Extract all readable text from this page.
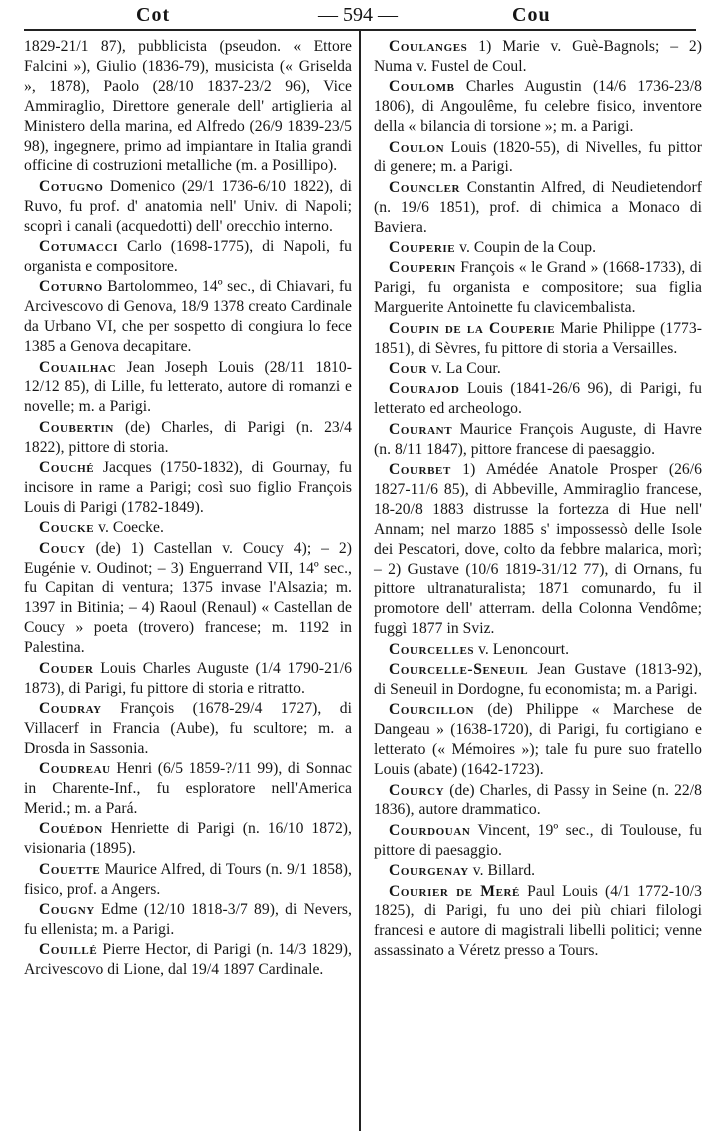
Cot	— 594 —	Cou

1829-21/1 87), pubblicista (pseudon. « Ettore Falcini »), Giulio (1836-79), musicista (« Griselda », 1878), Paolo (28/10 1837-23/2 96), Vice Ammiraglio, Direttore generale dell' artiglieria al Ministero della marina, ed Alfredo (26/9 1839-23/5 98), ingegnere, primo ad impiantare in Italia grandi officine di costruzioni metalliche (m. a Posillipo).

Cotugno Domenico (29/1 1736-6/10 1822), di Ruvo, fu prof. d' anatomia nell' Univ. di Napoli; scoprì i canali (acquedotti) dell' orecchio interno.

Cotumacci Carlo (1698-1775), di Napoli, fu organista e compositore.

Coturno Bartolommeo, 14º sec., di Chiavari, fu Arcivescovo di Genova, 18/9 1378 creato Cardinale da Urbano VI, che per sospetto di congiura lo fece 1385 a Genova decapitare.

Couailhac Jean Joseph Louis (28/11 1810-12/12 85), di Lille, fu letterato, autore di romanzi e novelle; m. a Parigi.

Coubertin (de) Charles, di Parigi (n. 23/4 1822), pittore di storia.

Couché Jacques (1750-1832), di Gournay, fu incisore in rame a Parigi; così suo figlio François Louis di Parigi (1782-1849).

Coucke v. Coecke.

Coucy (de) 1) Castellan v. Coucy 4); – 2) Eugénie v. Oudinot; – 3) Enguerrand VII, 14º sec., fu Capitan di ventura; 1375 invase l'Alsazia; m. 1397 in Bitinia; – 4) Raoul (Renaul) « Castellan de Coucy » poeta (trovero) francese; m. 1192 in Palestina.

Couder Louis Charles Auguste (1/4 1790-21/6 1873), di Parigi, fu pittore di storia e ritratto.

Coudray François (1678-29/4 1727), di Villacerf in Francia (Aube), fu scultore; m. a Drosda in Sassonia.

Coudreau Henri (6/5 1859-?/11 99), di Sonnac in Charente-Inf., fu esploratore nell'America Merid.; m. a Pará.

Couédon Henriette di Parigi (n. 16/10 1872), visionaria (1895).

Couette Maurice Alfred, di Tours (n. 9/1 1858), fisico, prof. a Angers.

Cougny Edme (12/10 1818-3/7 89), di Nevers, fu ellenista; m. a Parigi.

Couillé Pierre Hector, di Parigi (n. 14/3 1829), Arcivescovo di Lione, dal 19/4 1897 Cardinale.

Coulanges 1) Marie v. Guè-Bagnols; – 2) Numa v. Fustel de Coul.

Coulomb Charles Augustin (14/6 1736-23/8 1806), di Angoulême, fu celebre fisico, inventore della « bilancia di torsione »; m. a Parigi.

Coulon Louis (1820-55), di Nivelles, fu pittor di genere; m. a Parigi.

Councler Constantin Alfred, di Neudietendorf (n. 19/6 1851), prof. di chimica a Monaco di Baviera.

Couperie v. Coupin de la Coup.

Couperin François « le Grand » (1668-1733), di Parigi, fu organista e compositore; sua figlia Marguerite Antoinette fu clavicembalista.

Coupin de la Couperie Marie Philippe (1773-1851), di Sèvres, fu pittore di storia a Versailles.

Cour v. La Cour.

Courajod Louis (1841-26/6 96), di Parigi, fu letterato ed archeologo.

Courant Maurice François Auguste, di Havre (n. 8/11 1847), pittore francese di paesaggio.

Courbet 1) Amédée Anatole Prosper (26/6 1827-11/6 85), di Abbeville, Ammiraglio francese, 18-20/8 1883 distrusse la fortezza di Hue nell' Annam; nel marzo 1885 s' impossessò delle Isole dei Pescatori, dove, colto da febbre malarica, morì; – 2) Gustave (10/6 1819-31/12 77), di Ornans, fu pittore ultranaturalista; 1871 comunardo, fu il promotore dell' atterram. della Colonna Vendôme; fuggì 1877 in Sviz.

Courcelles v. Lenoncourt.

Courcelle-Seneuil Jean Gustave (1813-92), di Seneuil in Dordogne, fu economista; m. a Parigi.

Courcillon (de) Philippe « Marchese de Dangeau » (1638-1720), di Parigi, fu cortigiano e letterato (« Mémoires »); tale fu pure suo fratello Louis (abate) (1642-1723).

Courcy (de) Charles, di Passy in Seine (n. 22/8 1836), autore drammatico.

Courdouan Vincent, 19º sec., di Toulouse, fu pittore di paesaggio.

Courgenay v. Billard.

Courier de Meré Paul Louis (4/1 1772-10/3 1825), di Parigi, fu uno dei più chiari filologi francesi e autore di magistrali libelli politici; venne assassinato a Véretz presso a Tours.
